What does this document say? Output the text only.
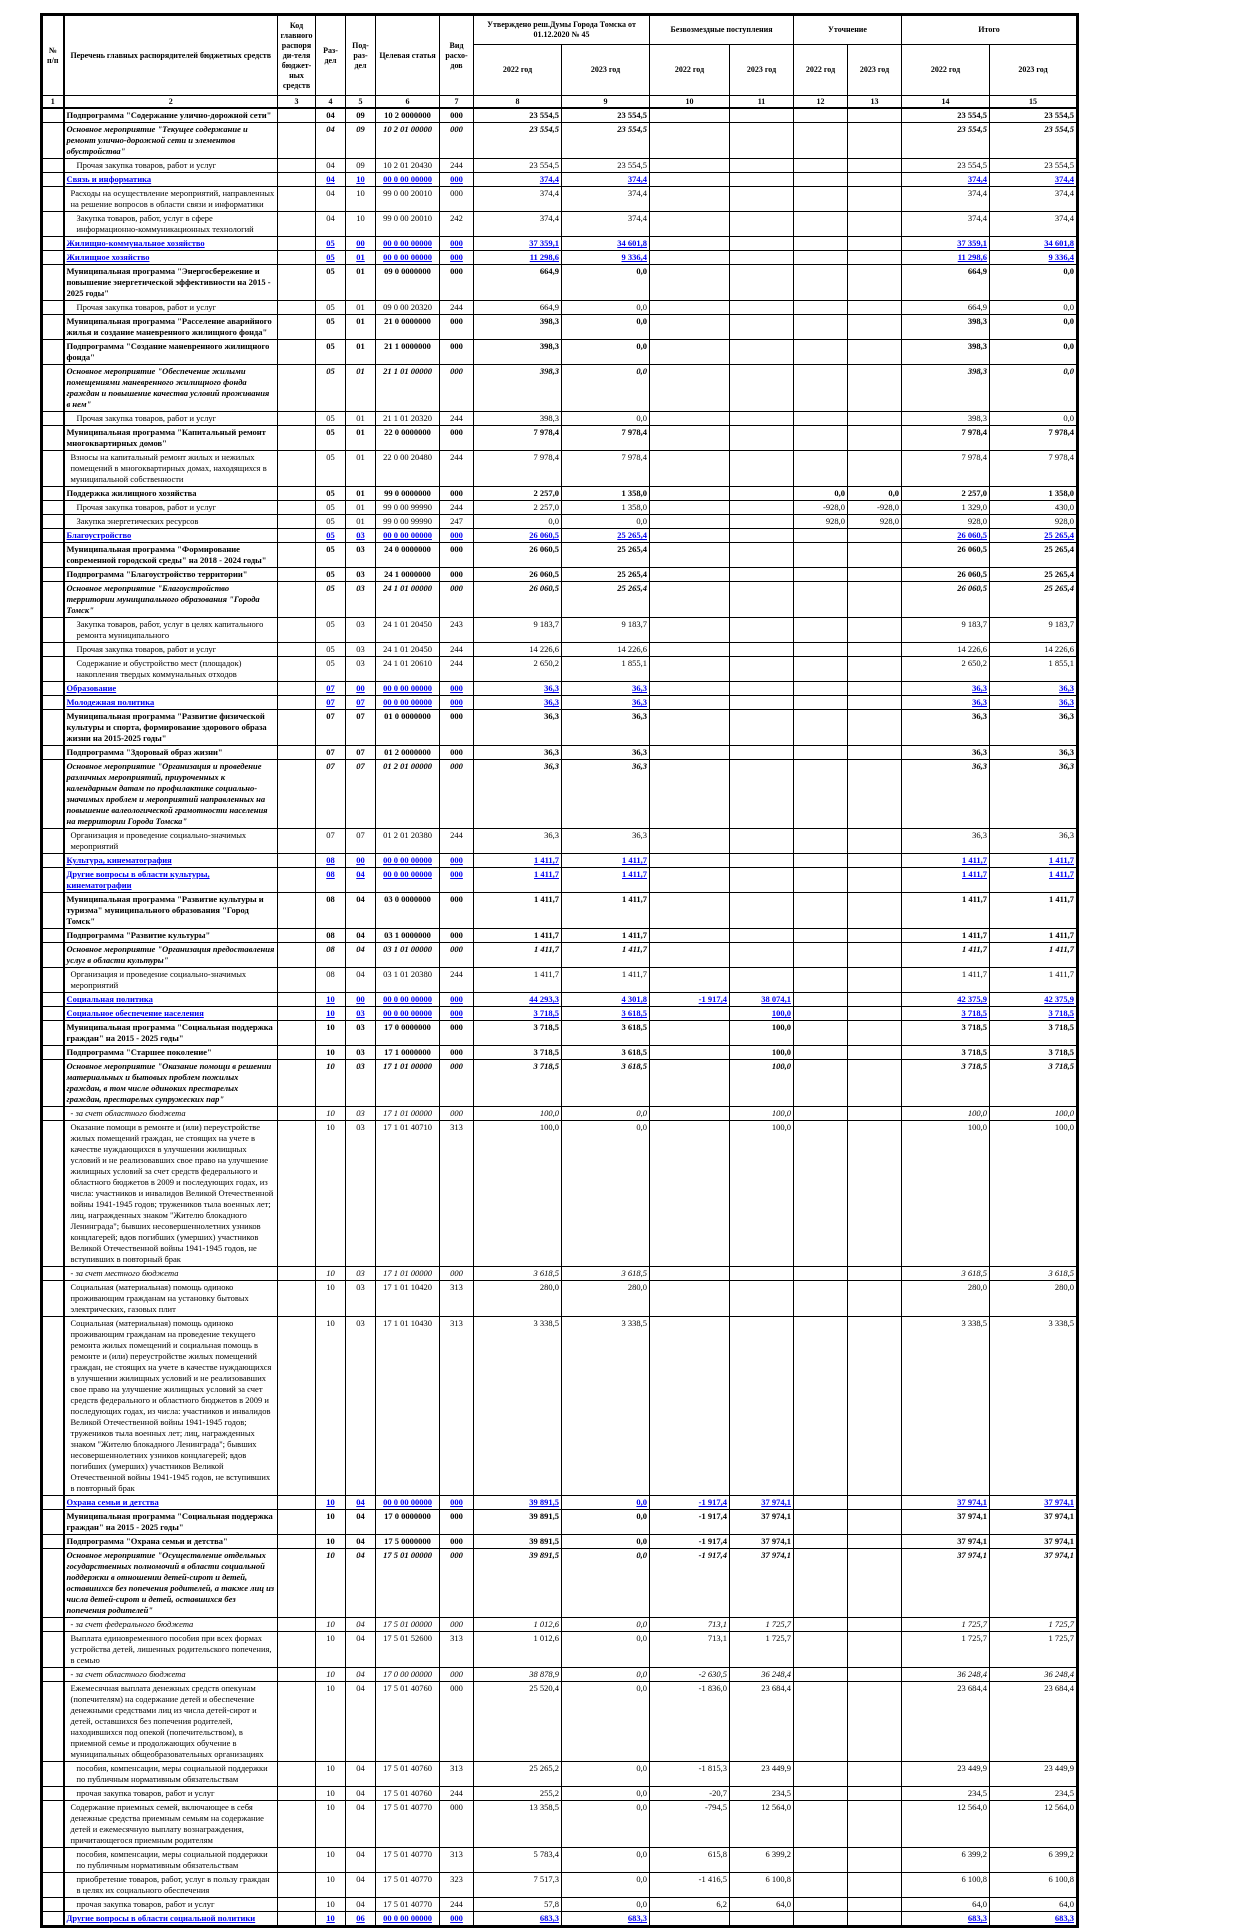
№ п/п	Перечень главных распорядителей бюджетных средств	Код главного распоряди-теля бюджет-ных средств	Раз-дел	Под-раз-дел	Целевая статья	Вид расхо-дов	Утверждено реш.Думы Города Томска от 01.12.2020 № 45		Безвозмездные поступления		Уточнение		Итого	
							2022 год	2023 год	2022 год	2023 год	2022 год	2023 год	2022 год	2023 год
1	2	3	4	5	6	7	8	9	10	11	12	13	14	15
	Подпрограмма "Содержание улично-дорожной сети"		04	09	10 2 0000000	000	23 554,5	23 554,5					23 554,5	23 554,5
	Основное мероприятие "Текущее содержание и ремонт улично-дорожной сети и элементов обустройства"		04	09	10 2 01 00000	000	23 554,5	23 554,5					23 554,5	23 554,5
	Прочая закупка товаров, работ и услуг		04	09	10 2 01 20430	244	23 554,5	23 554,5					23 554,5	23 554,5
	Связь и информатика		04	10	00 0 00 00000	000	374,4	374,4					374,4	374,4
	Расходы на осуществление мероприятий, направленных на решение вопросов в области связи и информатики		04	10	99 0 00 20010	000	374,4	374,4					374,4	374,4
	Закупка товаров, работ, услуг в сфере информационно-коммуникационных технологий		04	10	99 0 00 20010	242	374,4	374,4					374,4	374,4
	Жилищно-коммунальное хозяйство		05	00	00 0 00 00000	000	37 359,1	34 601,8					37 359,1	34 601,8
	Жилищное хозяйство		05	01	00 0 00 00000	000	11 298,6	9 336,4					11 298,6	9 336,4
	Муниципальная программа "Энергосбережение и повышение энергетической эффективности на 2015 - 2025 годы"		05	01	09 0 0000000	000	664,9	0,0					664,9	0,0
	Прочая закупка товаров, работ и услуг		05	01	09 0 00 20320	244	664,9	0,0					664,9	0,0
	Муниципальная программа "Расселение аварийного жилья и создание маневренного жилищного фонда"		05	01	21 0 0000000	000	398,3	0,0					398,3	0,0
	Подпрограмма "Создание маневренного жилищного фонда"		05	01	21 1 0000000	000	398,3	0,0					398,3	0,0
	Основное мероприятие "Обеспечение жилыми помещениями маневренного жилищного фонда граждан и повышение качества условий проживания в нем"		05	01	21 1 01 00000	000	398,3	0,0					398,3	0,0
	Прочая закупка товаров, работ и услуг		05	01	21 1 01 20320	244	398,3	0,0					398,3	0,0
	Муниципальная программа "Капитальный ремонт многоквартирных домов"		05	01	22 0 0000000	000	7 978,4	7 978,4					7 978,4	7 978,4
	Взносы на капитальный ремонт жилых и нежилых помещений в многоквартирных домах, находящихся в муниципальной собственности		05	01	22 0 00 20480	244	7 978,4	7 978,4					7 978,4	7 978,4
	Поддержка жилищного хозяйства		05	01	99 0 0000000	000	2 257,0	1 358,0			0,0	0,0	2 257,0	1 358,0
	Прочая закупка товаров, работ и услуг		05	01	99 0 00 99990	244	2 257,0	1 358,0			-928,0	-928,0	1 329,0	430,0
	Закупка энергетических ресурсов		05	01	99 0 00 99990	247	0,0	0,0			928,0	928,0	928,0	928,0
	Благоустройство		05	03	00 0 00 00000	000	26 060,5	25 265,4					26 060,5	25 265,4
	Муниципальная программа "Формирование современной городской среды" на 2018 - 2024 годы"		05	03	24 0 0000000	000	26 060,5	25 265,4					26 060,5	25 265,4
	Подпрограмма "Благоустройство территории"		05	03	24 1 0000000	000	26 060,5	25 265,4					26 060,5	25 265,4
	Основное мероприятие "Благоустройство территории муниципального образования "Города Томск"		05	03	24 1 01 00000	000	26 060,5	25 265,4					26 060,5	25 265,4
	Закупка товаров, работ, услуг в целях капитального ремонта муниципального		05	03	24 1 01 20450	243	9 183,7	9 183,7					9 183,7	9 183,7
	Прочая закупка товаров, работ и услуг		05	03	24 1 01 20450	244	14 226,6	14 226,6					14 226,6	14 226,6
	Содержание и обустройство мест (площадок) накопления твердых коммунальных отходов		05	03	24 1 01 20610	244	2 650,2	1 855,1					2 650,2	1 855,1
	Образование		07	00	00 0 00 00000	000	36,3	36,3					36,3	36,3
	Молодежная политика		07	07	00 0 00 00000	000	36,3	36,3					36,3	36,3
	Муниципальная программа "Развитие физической культуры и спорта, формирование здорового образа жизни на 2015-2025 годы"		07	07	01 0 0000000	000	36,3	36,3					36,3	36,3
	Подпрограмма "Здоровый образ жизни"		07	07	01 2 0000000	000	36,3	36,3					36,3	36,3
	Основное мероприятие "Организация и проведение различных мероприятий, приуроченных к календарным датам по профилактике социально-значимых проблем и мероприятий направленных на повышение валеологической грамотности населения на территории Города Томска"		07	07	01 2 01 00000	000	36,3	36,3					36,3	36,3
	Организация и проведение социально-значимых мероприятий		07	07	01 2 01 20380	244	36,3	36,3					36,3	36,3
	Культура, кинематография		08	00	00 0 00 00000	000	1 411,7	1 411,7					1 411,7	1 411,7
	Другие вопросы в области культуры, кинематографии		08	04	00 0 00 00000	000	1 411,7	1 411,7					1 411,7	1 411,7
	Муниципальная программа "Развитие культуры и туризма" муниципального образования "Город Томск"		08	04	03 0 0000000	000	1 411,7	1 411,7					1 411,7	1 411,7
	Подпрограмма "Развитие культуры"		08	04	03 1 0000000	000	1 411,7	1 411,7					1 411,7	1 411,7
	Основное мероприятие "Организация предоставления услуг в области культуры"		08	04	03 1 01 00000	000	1 411,7	1 411,7					1 411,7	1 411,7
	Организация и проведение социально-значимых мероприятий		08	04	03 1 01 20380	244	1 411,7	1 411,7					1 411,7	1 411,7
	Социальная политика		10	00	00 0 00 00000	000	44 293,3	4 301,8	-1 917,4	38 074,1			42 375,9	42 375,9
	Социальное обеспечение населения		10	03	00 0 00 00000	000	3 718,5	3 618,5		100,0			3 718,5	3 718,5
	Муниципальная программа "Социальная поддержка граждан" на 2015 - 2025 годы"		10	03	17 0 0000000	000	3 718,5	3 618,5		100,0			3 718,5	3 718,5
	Подпрограмма "Старшее поколение"		10	03	17 1 0000000	000	3 718,5	3 618,5		100,0			3 718,5	3 718,5
	Основное мероприятие "Оказание помощи в решении материальных и бытовых проблем пожилых граждан, в том числе одиноких престарелых граждан, престарелых супружеских пар"		10	03	17 1 01 00000	000	3 718,5	3 618,5		100,0			3 718,5	3 718,5
	- за счет областного бюджета		10	03	17 1 01 00000	000	100,0	0,0		100,0			100,0	100,0
	Оказание помощи в ремонте и (или) переустройстве жилых помещений граждан, не стоящих на учете в качестве нуждающихся в улучшении жилищных условий и не реализовавших свое право на улучшение жилищных условий за счет средств федерального и областного бюджетов в 2009 и последующих годах, из числа: участников и инвалидов Великой Отечественной войны 1941-1945 годов; тружеников тыла военных лет; лиц, награжденных знаком "Жителю блокадного Ленинграда"; бывших несовершеннолетних узников концлагерей; вдов погибших (умерших) участников Великой Отечественной войны 1941-1945 годов, не вступивших в повторный брак		10	03	17 1 01 40710	313	100,0	0,0		100,0			100,0	100,0
	- за счет местного бюджета		10	03	17 1 01 00000	000	3 618,5	3 618,5					3 618,5	3 618,5
	Социальная (материальная) помощь одиноко проживающим гражданам на установку бытовых электрических, газовых плит		10	03	17 1 01 10420	313	280,0	280,0					280,0	280,0
	Социальная (материальная) помощь одиноко проживающим гражданам на проведение текущего ремонта жилых помещений и социальная помощь в ремонте и (или) переустройстве жилых помещений граждан, не стоящих на учете в качестве нуждающихся в улучшении жилищных условий и не реализовавших свое право на улучшение жилищных условий за счет средств федерального и областного бюджетов в 2009 и последующих годах, из числа: участников и инвалидов Великой Отечественной войны 1941-1945 годов; тружеников тыла военных лет; лиц, награжденных знаком "Жителю блокадного Ленинграда"; бывших несовершеннолетних узников концлагерей; вдов погибших (умерших) участников Великой Отечественной войны 1941-1945 годов, не вступивших в повторный брак		10	03	17 1 01 10430	313	3 338,5	3 338,5					3 338,5	3 338,5
	Охрана семьи и детства		10	04	00 0 00 00000	000	39 891,5	0,0	-1 917,4	37 974,1			37 974,1	37 974,1
	Муниципальная программа "Социальная поддержка граждан" на 2015 - 2025 годы"		10	04	17 0 0000000	000	39 891,5	0,0	-1 917,4	37 974,1			37 974,1	37 974,1
	Подпрограмма "Охрана семьи и детства"		10	04	17 5 0000000	000	39 891,5	0,0	-1 917,4	37 974,1			37 974,1	37 974,1
	Основное мероприятие "Осуществление отдельных государственных полномочий в области социальной поддержки в отношении детей-сирот и детей, оставшихся без попечения родителей, а также лиц из числа детей-сирот и детей, оставшихся без попечения родителей"		10	04	17 5 01 00000	000	39 891,5	0,0	-1 917,4	37 974,1			37 974,1	37 974,1
	- за счет федерального бюджета		10	04	17 5 01 00000	000	1 012,6	0,0	713,1	1 725,7			1 725,7	1 725,7
	Выплата единовременного пособия при всех формах устройства детей, лишенных родительского попечения, в семью		10	04	17 5 01 52600	313	1 012,6	0,0	713,1	1 725,7			1 725,7	1 725,7
	- за счет областного бюджета		10	04	17 0 00 00000	000	38 878,9	0,0	-2 630,5	36 248,4			36 248,4	36 248,4
	Ежемесячная выплата денежных средств опекунам (попечителям) на содержание детей и обеспечение денежными средствами лиц из числа детей-сирот и детей, оставшихся без попечения родителей, находившихся под опекой (попечительством), в приемной семье и продолжающих обучение в муниципальных общеобразовательных организациях		10	04	17 5 01 40760	000	25 520,4	0,0	-1 836,0	23 684,4			23 684,4	23 684,4
	пособия, компенсации, меры социальной поддержки по публичным нормативным обязательствам		10	04	17 5 01 40760	313	25 265,2	0,0	-1 815,3	23 449,9			23 449,9	23 449,9
	прочая закупка товаров, работ и услуг		10	04	17 5 01 40760	244	255,2	0,0	-20,7	234,5			234,5	234,5
	Содержание приемных семей, включающее в себя денежные средства приемным семьям на содержание детей и ежемесячную выплату вознаграждения, причитающегося приемным родителям		10	04	17 5 01 40770	000	13 358,5	0,0	-794,5	12 564,0			12 564,0	12 564,0
	пособия, компенсации, меры социальной поддержки по публичным нормативным обязательствам		10	04	17 5 01 40770	313	5 783,4	0,0	615,8	6 399,2			6 399,2	6 399,2
	приобретение товаров, работ, услуг в пользу граждан в целях их социального обеспечения		10	04	17 5 01 40770	323	7 517,3	0,0	-1 416,5	6 100,8			6 100,8	6 100,8
	прочая закупка товаров, работ и услуг		10	04	17 5 01 40770	244	57,8	0,0	6,2	64,0			64,0	64,0
	Другие вопросы в области социальной политики		10	06	00 0 00 00000	000	683,3	683,3					683,3	683,3
